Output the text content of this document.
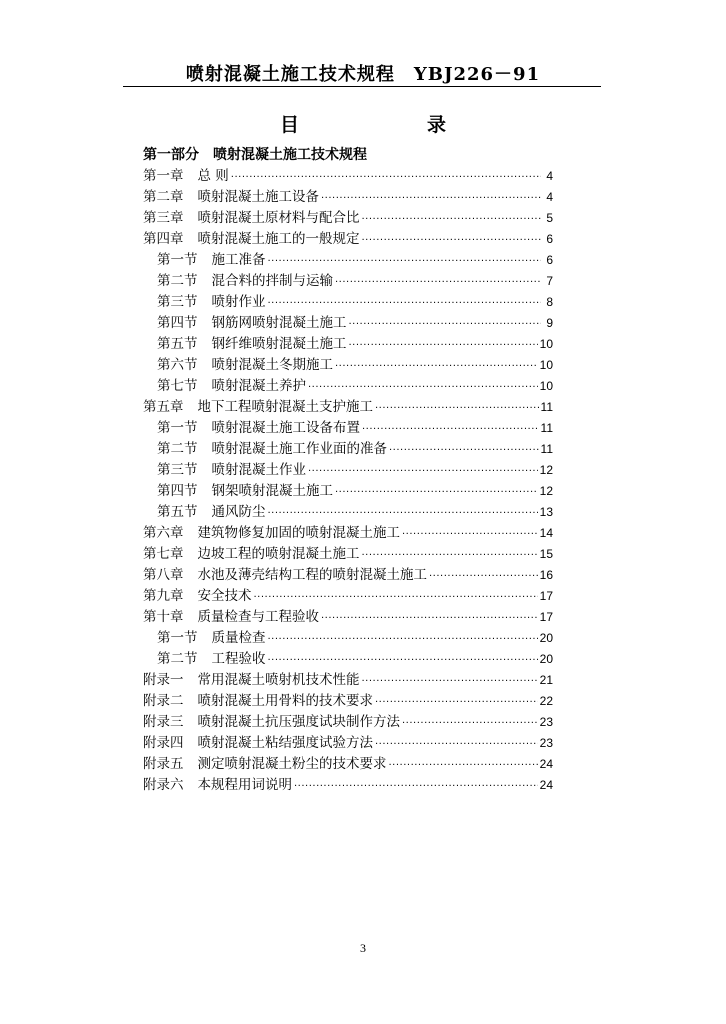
喷射混凝土施工技术规程　YBJ226－91
目　　录
第一部分　喷射混凝土施工技术规程
第一章 总 则 ·····	4
第二章 喷射混凝土施工设备 ·····	4
第三章 喷射混凝土原材料与配合比 ·····	5
第四章 喷射混凝土施工的一般规定 ·····	6
第一节 施工准备 ·····	6
第二节 混合料的拌制与运输 ·····	7
第三节 喷射作业 ·····	8
第四节 钢筋网喷射混凝土施工 ·····	9
第五节 钢纤维喷射混凝土施工 ·····	10
第六节 喷射混凝土冬期施工 ·····	10
第七节 喷射混凝土养护 ·····	10
第五章 地下工程喷射混凝土支护施工 ·····	11
第一节 喷射混凝土施工设备布置 ·····	11
第二节 喷射混凝土施工作业面的准备 ·····	11
第三节 喷射混凝土作业 ·····	12
第四节 钢架喷射混凝土施工 ·····	12
第五节 通风防尘 ·····	13
第六章 建筑物修复加固的喷射混凝土施工 ·····	14
第七章 边坡工程的喷射混凝土施工 ·····	15
第八章 水池及薄壳结构工程的喷射混凝土施工 ·····	16
第九章 安全技术 ·····	17
第十章 质量检查与工程验收 ·····	17
第一节 质量检查 ·····	20
第二节 工程验收 ·····	20
附录一 常用混凝土喷射机技术性能 ·····	21
附录二 喷射混凝土用骨料的技术要求 ·····	22
附录三 喷射混凝土抗压强度试块制作方法 ·····	23
附录四 喷射混凝土粘结强度试验方法 ·····	23
附录五 测定喷射混凝土粉尘的技术要求 ·····	24
附录六 本规程用词说明 ·····	24
3
